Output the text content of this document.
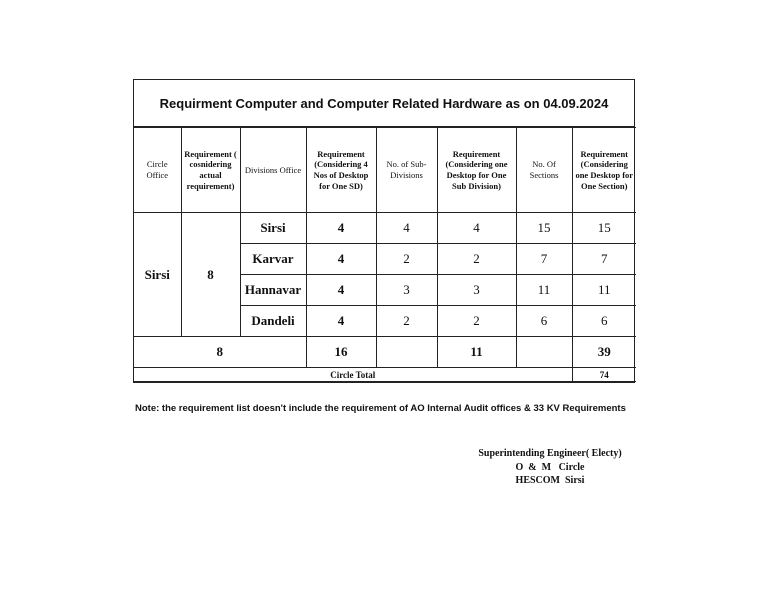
Requirment Computer and Computer Related Hardware as on 04.09.2024
Circle Office	Requirement ( cosnidering actual requirement)	Divisions Office	Requirement (Considering 4 Nos of Desktop for One SD)	No. of Sub-Divisions	Requirement (Considering one Desktop for One Sub Division)	No. Of Sections	Requirement (Considering one Desktop for One Section)
Sirsi	8	Sirsi	4	4	4	15	15
		Karvar	4	2	2	7	7
		Hannavar	4	3	3	11	11
		Dandeli	4	2	2	6	6
8			16		11		39
Circle Total							74
Note: the requirement list doesn't include the requirement of AO Internal Audit offices & 33 KV Requirements
Superintending Engineer( Electy)
O  &  M   Circle
HESCOM  Sirsi
